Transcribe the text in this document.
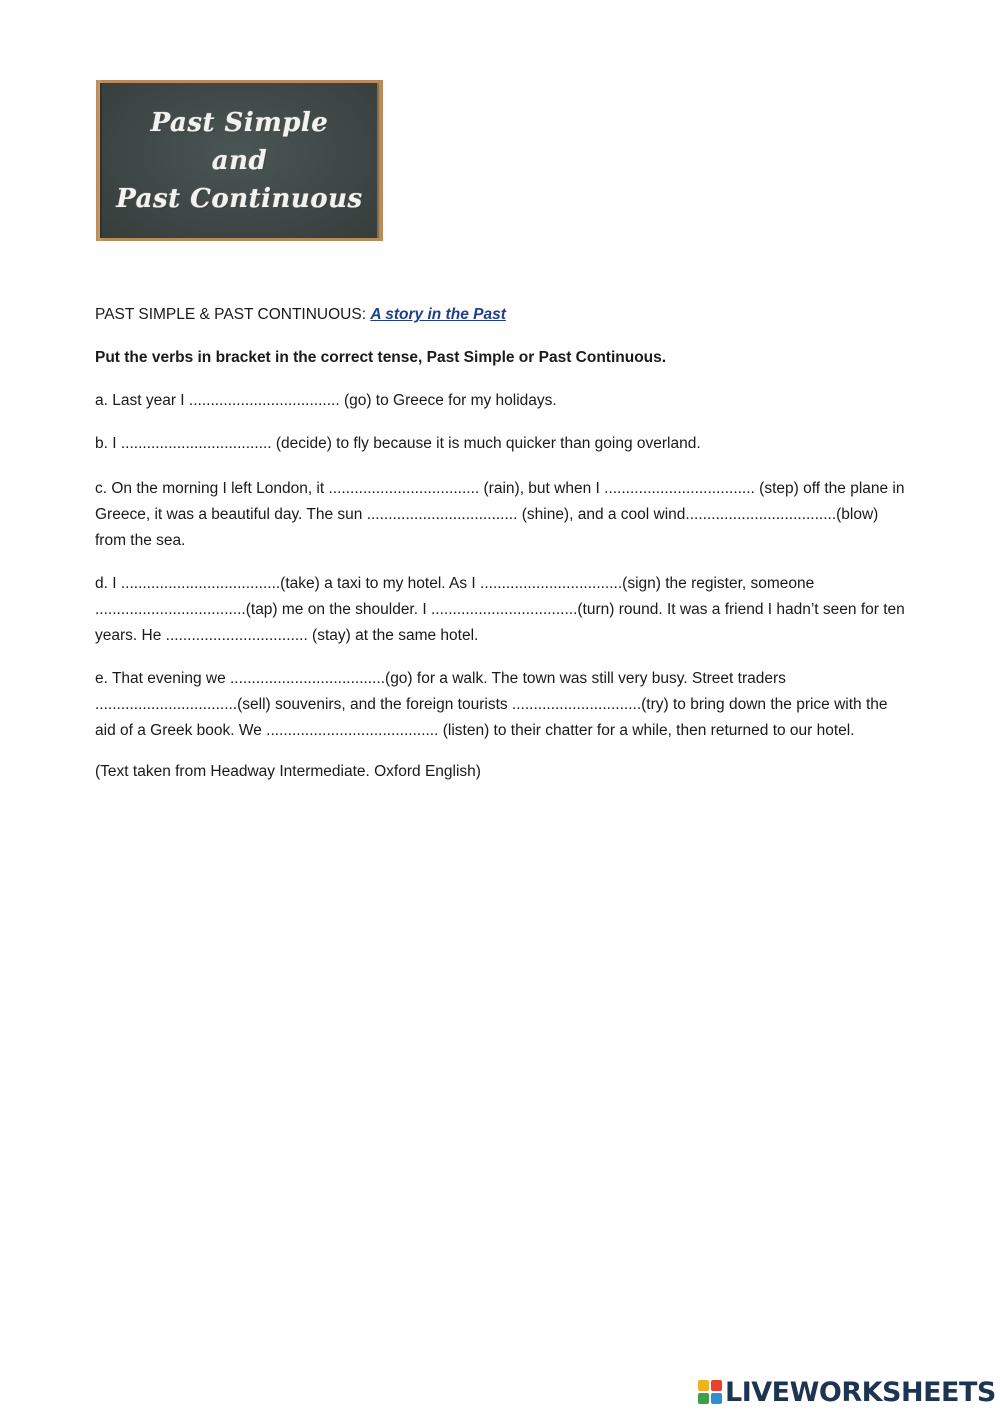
Past Simple
and
Past Continuous

PAST SIMPLE & PAST CONTINUOUS: A story in the Past

Put the verbs in bracket in the correct tense, Past Simple or Past Continuous.

a. Last year I ................................... (go) to Greece for my holidays.

b. I ................................... (decide) to fly because it is much quicker than going overland.

c. On the morning I left London, it ................................... (rain), but when I ................................... (step) off the plane in Greece, it was a beautiful day. The sun ................................... (shine), and a cool wind...................................(blow) from the sea.

d. I .....................................(take) a taxi to my hotel. As I .................................(sign) the register, someone ...................................(tap) me on the shoulder. I ..................................(turn) round. It was a friend I hadn’t seen for ten years. He ................................. (stay) at the same hotel.

e. That evening we ....................................(go) for a walk. The town was still very busy. Street traders .................................(sell) souvenirs, and the foreign tourists ..............................(try) to bring down the price with the aid of a Greek book. We ........................................ (listen) to their chatter for a while, then returned to our hotel.

(Text taken from Headway Intermediate. Oxford English)

LIVEWORKSHEETS
